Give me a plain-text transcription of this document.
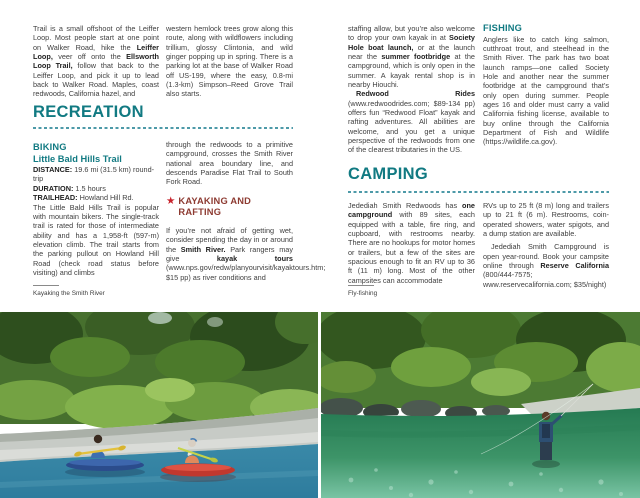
Trail is a small offshoot of the Leiffer Loop. Most people start at one point on Walker Road, hike the Leiffer Loop, veer off onto the Ellsworth Loop Trail, follow that back to the Leiffer Loop, and pick it up to lead back to Walker Road. Maples, coast redwoods, California hazel, and
RECREATION
BIKING
Little Bald Hills Trail

DISTANCE: 19.6 mi (31.5 km) round-trip

DURATION: 1.5 hours

TRAILHEAD: Howland Hill Rd.

The Little Bald Hills Trail is popular with mountain bikers. The single-track trail is rated for those of intermediate ability and has a 1,958-ft (597-m) elevation climb. The trail starts from the parking pullout on Howland Hill Road (check road status before visiting) and climbs
Kayaking the Smith River
western hemlock trees grow along this route, along with wildflowers including trillium, glossy Clintonia, and wild ginger popping up in spring. There is a parking lot at the base of Walker Road off US-199, where the easy, 0.8-mi (1.3-km) Simpson–Reed Grove Trail also starts.
through the redwoods to a primitive campground, crosses the Smith River national area boundary line, and descends Paradise Flat Trail to South Fork Road.
★ KAYAKING AND RAFTING
If you’re not afraid of getting wet, consider spending the day in or around the Smith River. Park rangers may give kayak tours (www.nps.gov/redw/planyourvisit/kayaktours.htm; $15 pp) as river conditions and
staffing allow, but you’re also welcome to drop your own kayak in at Society Hole boat launch, or at the launch near the summer footbridge at the campground, which is only open in the summer. A kayak rental shop is in nearby Hiouchi.
Redwood Rides (www.redwoodrides.com; $89-134 pp) offers fun “Redwood Float” kayak and rafting adventures. All abilities are welcome, and you get a unique perspective of the redwoods from one of the clearest tributaries in the US.
CAMPING
Jedediah Smith Redwoods has one campground with 89 sites, each equipped with a table, fire ring, and cupboard, with restrooms nearby. There are no hookups for motor homes or trailers, but a few of the sites are spacious enough to fit an RV up to 36 ft (11 m) long. Most of the other campsites can accommodate
Fly-fishing
FISHING
Anglers like to catch king salmon, cutthroat trout, and steelhead in the Smith River. The park has two boat launch ramps—one called Society Hole and another near the summer footbridge at the campground that’s only open during summer. People ages 16 and older must carry a valid California fishing license, available to buy online through the California Department of Fish and Wildlife (https://wildlife.ca.gov).
RVs up to 25 ft (8 m) long and trailers up to 21 ft (6 m). Restrooms, coin-operated showers, water spigots, and a dump station are available.
Jedediah Smith Campground is open year-round. Book your campsite online through Reserve California (800/444-7575; www.reservecalifornia.com; $35/night)
